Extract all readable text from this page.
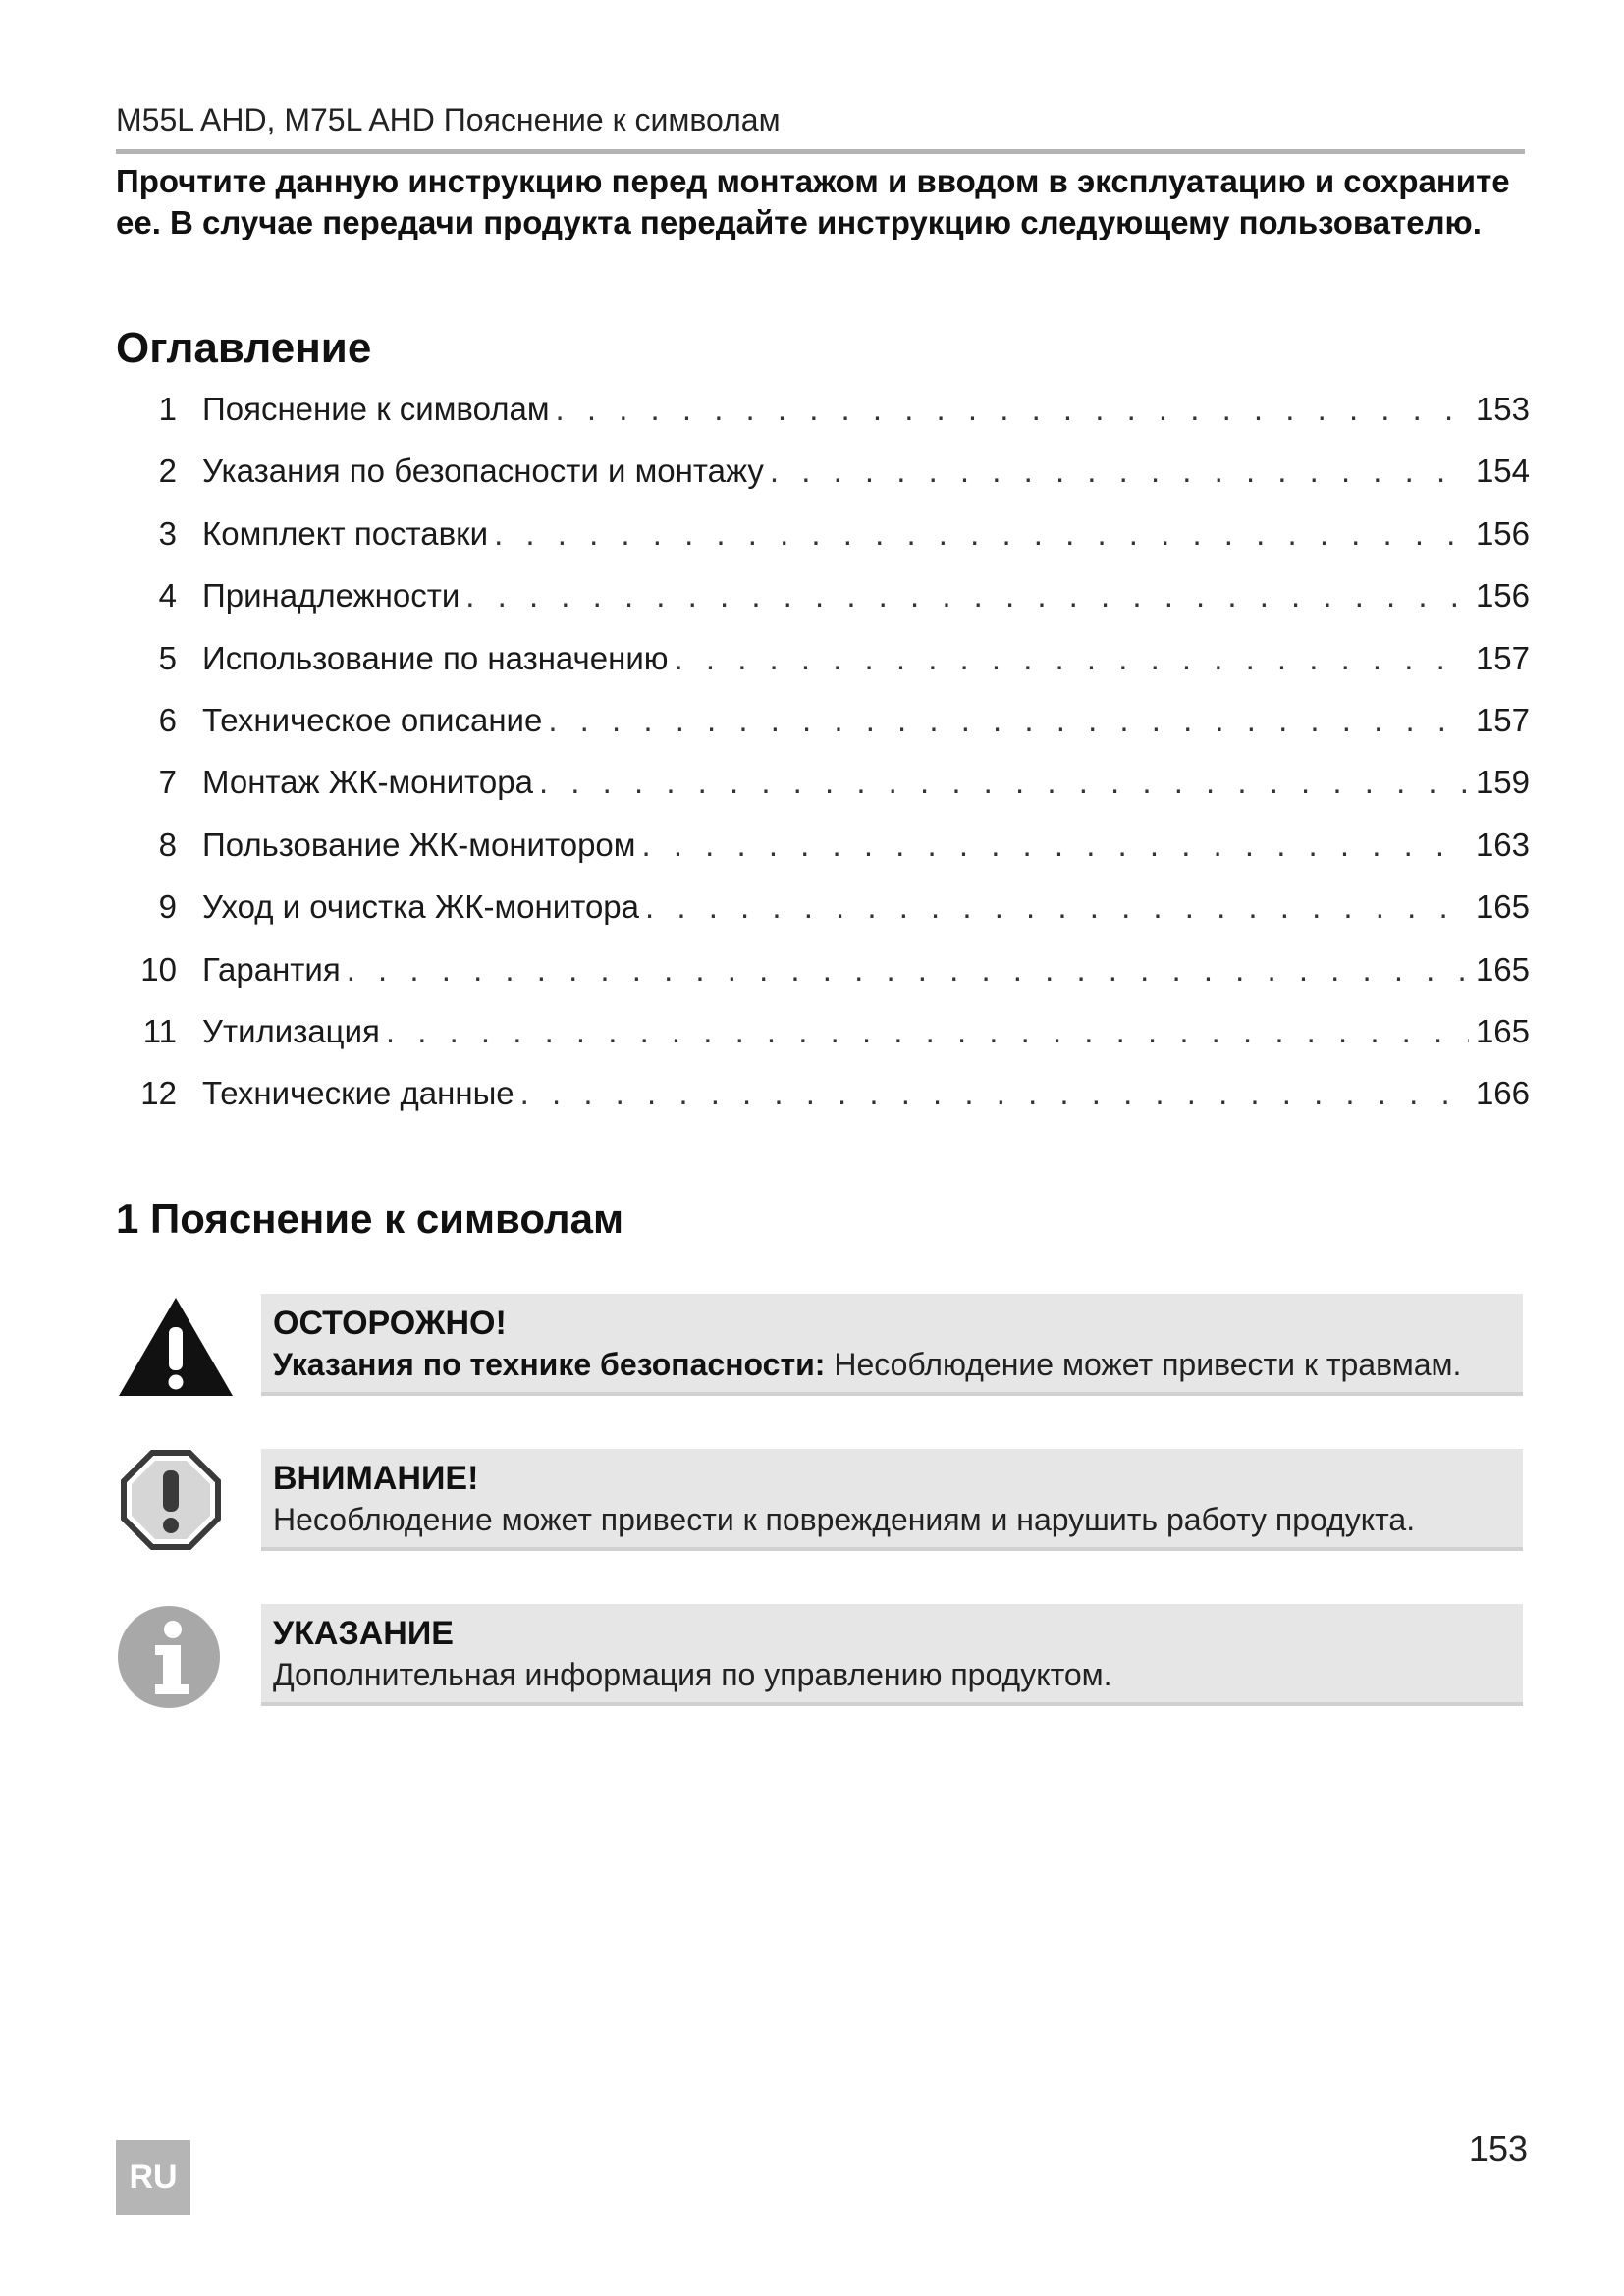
M55L AHD, M75L AHD Пояснение к символам
Прочтите данную инструкцию перед монтажом и вводом в эксплуатацию и сохраните ее. В случае передачи продукта передайте инструкцию следующему пользователю.
Оглавление
1 Пояснение к символам . . .	153
2 Указания по безопасности и монтажу . . .	154
3 Комплект поставки . . .	156
4 Принадлежности . . .	156
5 Использование по назначению . . .	157
6 Техническое описание . . .	157
7 Монтаж ЖК-монитора . . .	159
8 Пользование ЖК-монитором . . .	163
9 Уход и очистка ЖК-монитора . . .	165
10 Гарантия . . .	165
11 Утилизация . . .	165
12 Технические данные . . .	166
1 Пояснение к символам
ОСТОРОЖНО!
Указания по технике безопасности: Несоблюдение может привести к травмам.
ВНИМАНИЕ!
Несоблюдение может привести к повреждениям и нарушить работу продукта.
УКАЗАНИЕ
Дополнительная информация по управлению продуктом.
153
RU
